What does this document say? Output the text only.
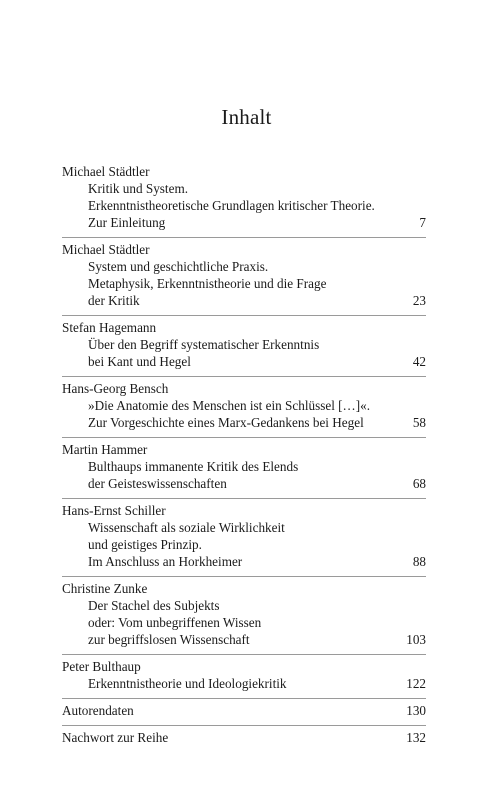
Inhalt
Michael Städtler
Kritik und System.
Erkenntnistheoretische Grundlagen kritischer Theorie.
Zur Einleitung	7
Michael Städtler
System und geschichtliche Praxis.
Metaphysik, Erkenntnistheorie und die Frage
der Kritik	23
Stefan Hagemann
Über den Begriff systematischer Erkenntnis
bei Kant und Hegel	42
Hans-Georg Bensch
»Die Anatomie des Menschen ist ein Schlüssel […]«.
Zur Vorgeschichte eines Marx-Gedankens bei Hegel	58
Martin Hammer
Bulthaups immanente Kritik des Elends
der Geisteswissenschaften	68
Hans-Ernst Schiller
Wissenschaft als soziale Wirklichkeit
und geistiges Prinzip.
Im Anschluss an Horkheimer	88
Christine Zunke
Der Stachel des Subjekts
oder: Vom unbegriffenen Wissen
zur begriffslosen Wissenschaft	103
Peter Bulthaup
Erkenntnistheorie und Ideologiekritik	122
Autorendaten	130
Nachwort zur Reihe	132
